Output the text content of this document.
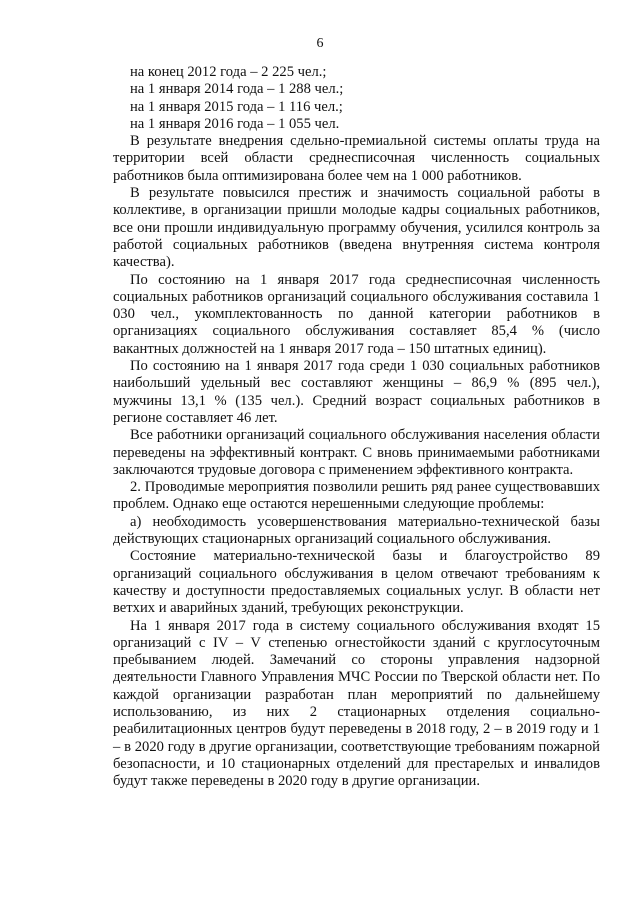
6
на конец 2012 года – 2 225 чел.;
на 1 января 2014 года – 1 288 чел.;
на 1 января 2015 года – 1 116 чел.;
на 1 января 2016 года – 1 055 чел.

В результате внедрения сдельно-премиальной системы оплаты труда на территории всей области среднесписочная численность социальных работников была оптимизирована более чем на 1 000 работников.

В результате повысился престиж и значимость социальной работы в коллективе, в организации пришли молодые кадры социальных работников, все они прошли индивидуальную программу обучения, усилился контроль за работой социальных работников (введена внутренняя система контроля качества).

По состоянию на 1 января 2017 года среднесписочная численность социальных работников организаций социального обслуживания составила 1 030 чел., укомплектованность по данной категории работников в организациях социального обслуживания составляет 85,4 % (число вакантных должностей на 1 января 2017 года – 150 штатных единиц).

По состоянию на 1 января 2017 года среди 1 030 социальных работников наибольший удельный вес составляют женщины – 86,9 % (895 чел.), мужчины 13,1 % (135 чел.). Средний возраст социальных работников в регионе составляет 46 лет.

Все работники организаций социального обслуживания населения области переведены на эффективный контракт. С вновь принимаемыми работниками заключаются трудовые договора с применением эффективного контракта.

2. Проводимые мероприятия позволили решить ряд ранее существовавших проблем. Однако еще остаются нерешенными следующие проблемы:

а) необходимость усовершенствования материально-технической базы действующих стационарных организаций социального обслуживания.

Состояние материально-технической базы и благоустройство 89 организаций социального обслуживания в целом отвечают требованиям к качеству и доступности предоставляемых социальных услуг. В области нет ветхих и аварийных зданий, требующих реконструкции.

На 1 января 2017 года в систему социального обслуживания входят 15 организаций с IV – V степенью огнестойкости зданий с круглосуточным пребыванием людей. Замечаний со стороны управления надзорной деятельности Главного Управления МЧС России по Тверской области нет. По каждой организации разработан план мероприятий по дальнейшему использованию, из них 2 стационарных отделения социально-реабилитационных центров будут переведены в 2018 году, 2 – в 2019 году и 1 – в 2020 году в другие организации, соответствующие требованиям пожарной безопасности, и 10 стационарных отделений для престарелых и инвалидов будут также переведены в 2020 году в другие организации.
